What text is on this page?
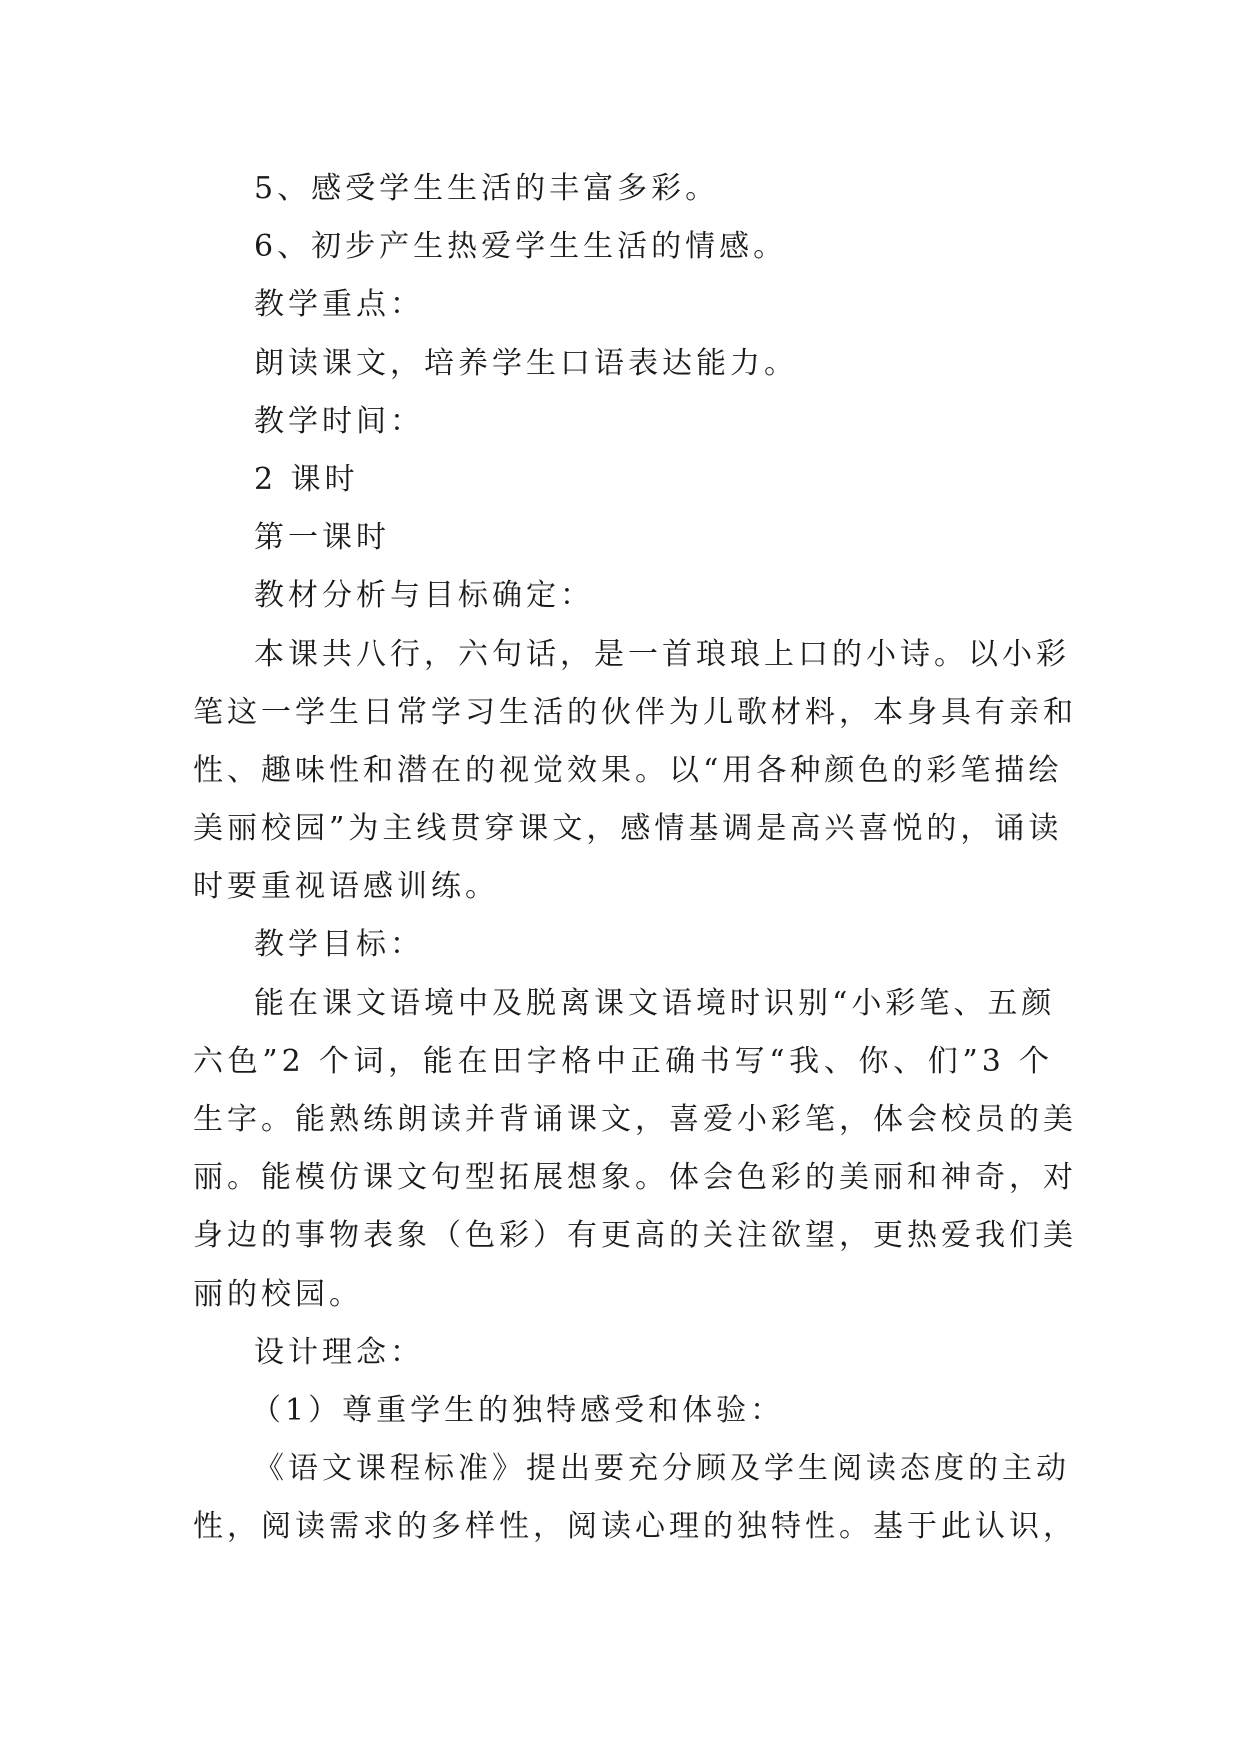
5、感受学生生活的丰富多彩。
6、初步产生热爱学生生活的情感。
教学重点：
朗读课文，培养学生口语表达能力。
教学时间：
2 课时
第一课时
教材分析与目标确定：
本课共八行，六句话，是一首琅琅上口的小诗。以小彩
笔这一学生日常学习生活的伙伴为儿歌材料，本身具有亲和
性、趣味性和潜在的视觉效果。以“用各种颜色的彩笔描绘
美丽校园”为主线贯穿课文，感情基调是高兴喜悦的，诵读
时要重视语感训练。
教学目标：
能在课文语境中及脱离课文语境时识别“小彩笔、五颜
六色”2 个词，能在田字格中正确书写“我、你、们”3 个
生字。能熟练朗读并背诵课文，喜爱小彩笔，体会校员的美
丽。能模仿课文句型拓展想象。体会色彩的美丽和神奇，对
身边的事物表象（色彩）有更高的关注欲望，更热爱我们美
丽的校园。
设计理念：
（1）尊重学生的独特感受和体验：
《语文课程标准》提出要充分顾及学生阅读态度的主动
性，阅读需求的多样性，阅读心理的独特性。基于此认识，
